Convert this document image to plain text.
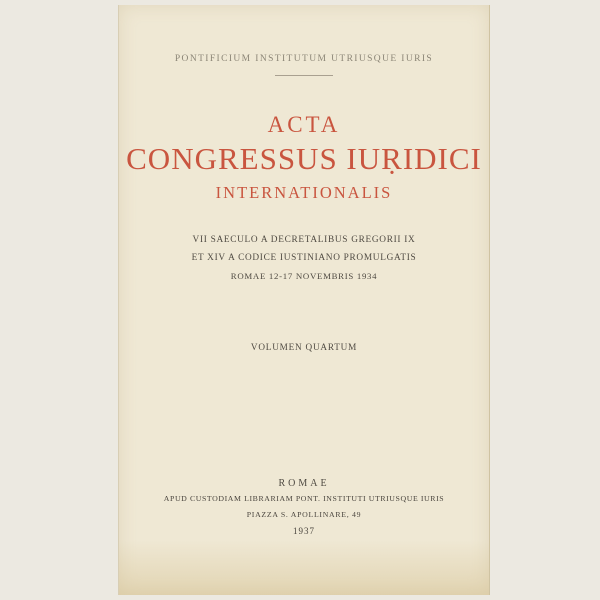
PONTIFICIUM INSTITUTUM UTRIUSQUE IURIS
ACTA
CONGRESSUS IUṚIDICI
INTERNATIONALIS
VII SAECULO A DECRETALIBUS GREGORII IX
ET XIV A CODICE IUSTINIANO PROMULGATIS
ROMAE 12-17 NOVEMBRIS 1934
VOLUMEN QUARTUM
ROMAE
APUD CUSTODIAM LIBRARIAM PONT. INSTITUTI UTRIUSQUE IURIS
PIAZZA S. APOLLINARE, 49
1937
